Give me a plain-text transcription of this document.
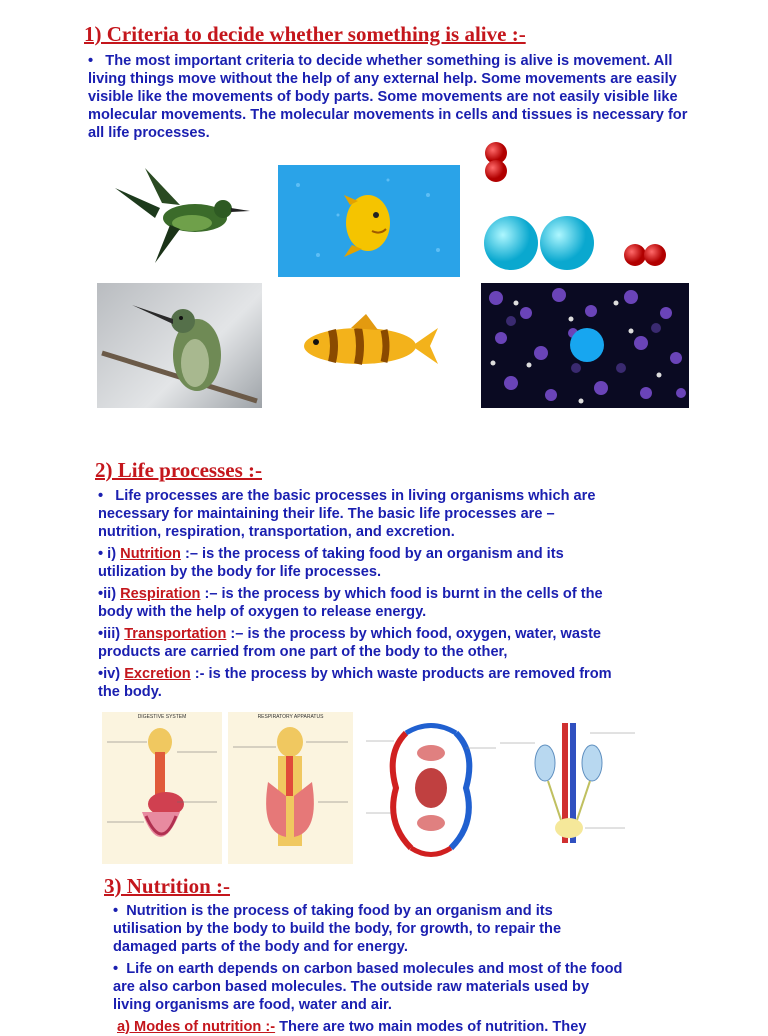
1) Criteria to decide whether something is alive :-
• The most important criteria to decide whether something is alive is movement. All living things move without the help of any external help. Some movements are easily visible like the movements of body parts. Some movements are not easily visible like molecular movements. The molecular movements in cells and tissues is necessary for all life processes.
2) Life processes :-
• Life processes are the basic processes in living organisms which are necessary for maintaining their life. The basic life processes are – nutrition, respiration, transportation, and excretion.
• i) Nutrition :– is the process of taking food by an organism and its utilization by the body for life processes.
•ii) Respiration :– is the process by which food is burnt in the cells of the body with the help of oxygen to release energy.
•iii) Transportation :– is the process by which food, oxygen, water, waste products are carried from one part of the body to the other,
•iv) Excretion :- is the process by which waste products are removed from the body.
DIGESTIVE SYSTEM	RESPIRATORY APPARATUS
3) Nutrition :-
• Nutrition is the process of taking food by an organism and its utilisation by the body to build the body, for growth, to repair the damaged parts of the body and for energy.
• Life on earth depends on carbon based molecules and most of the food are also carbon based molecules. The outside raw materials used by living organisms are food, water and air.
a) Modes of nutrition :- There are two main modes of nutrition. They
